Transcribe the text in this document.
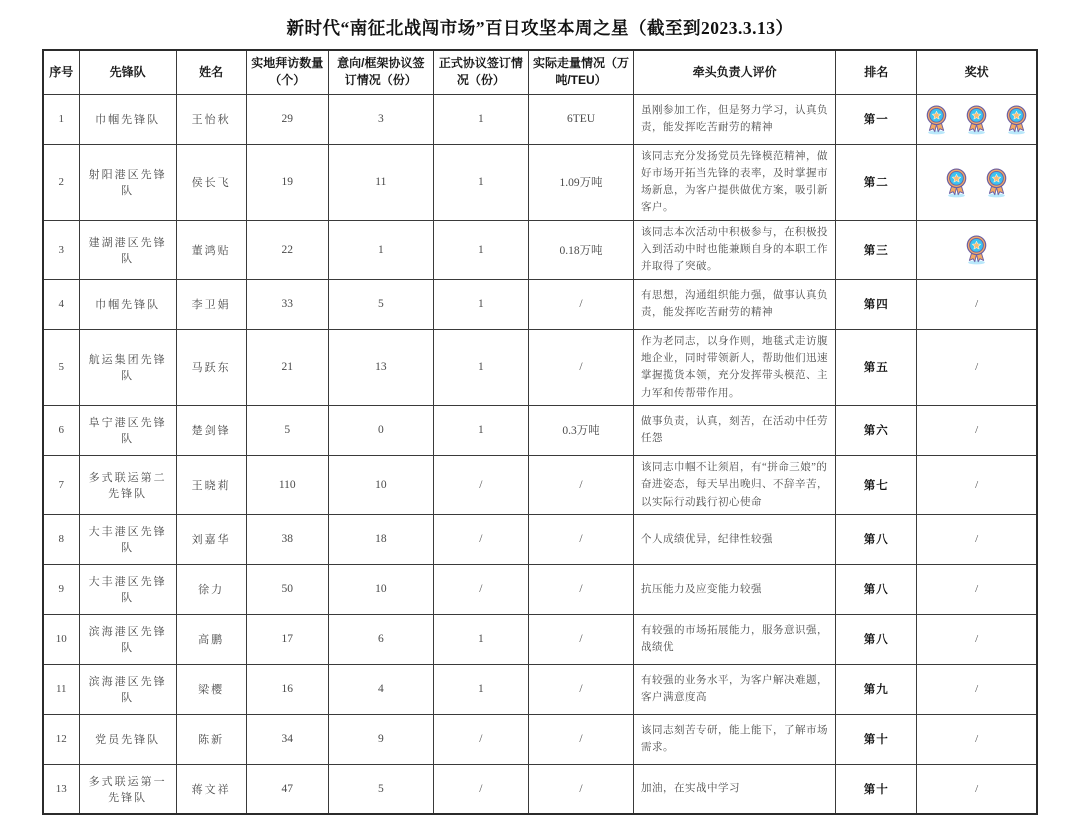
新时代“南征北战闯市场”百日攻坚本周之星（截至到2023.3.13）
序号	先锋队	姓名	实地拜访数量（个）	意向/框架协议签订情况（份）	正式协议签订情况（份）	实际走量情况（万吨/TEU）	牵头负责人评价	排名	奖状
1	巾帼先锋队	王怡秋	29	3	1	6TEU	虽刚参加工作，但是努力学习，认真负责，能发挥吃苦耐劳的精神	第一	

2	射阳港区先锋队	侯长飞	19	11	1	1.09万吨	该同志充分发扬党员先锋模范精神，做好市场开拓当先锋的表率，及时掌握市场新息，为客户提供做优方案，吸引新客户。	第二	

3	建湖港区先锋队	董鸿贴	22	1	1	0.18万吨	该同志本次活动中积极参与，在积极投入到活动中时也能兼顾自身的本职工作并取得了突破。	第三	

4	巾帼先锋队	李卫娟	33	5	1	/	有思想，沟通组织能力强，做事认真负责，能发挥吃苦耐劳的精神	第四	/
5	航运集团先锋队	马跃东	21	13	1	/	作为老同志，以身作则，地毯式走访腹地企业，同时带领新人，帮助他们迅速掌握揽货本领，充分发挥带头模范、主力军和传帮带作用。	第五	/
6	阜宁港区先锋队	楚剑锋	5	0	1	0.3万吨	做事负责，认真，刻苦，在活动中任劳任怨	第六	/
7	多式联运第二先锋队	王晓莉	110	10	/	/	该同志巾帼不让须眉，有“拼命三娘”的奋进姿态，每天早出晚归、不辞辛苦，以实际行动践行初心使命	第七	/
8	大丰港区先锋队	刘嘉华	38	18	/	/	个人成绩优异，纪律性较强	第八	/
9	大丰港区先锋队	徐力	50	10	/	/	抗压能力及应变能力较强	第八	/
10	滨海港区先锋队	高鹏	17	6	1	/	有较强的市场拓展能力，服务意识强，战绩优	第八	/
11	滨海港区先锋队	梁樱	16	4	1	/	有较强的业务水平，为客户解决难题，客户满意度高	第九	/
12	党员先锋队	陈新	34	9	/	/	该同志刻苦专研，能上能下，了解市场需求。	第十	/
13	多式联运第一先锋队	蒋文祥	47	5	/	/	加油，在实战中学习	第十	/
